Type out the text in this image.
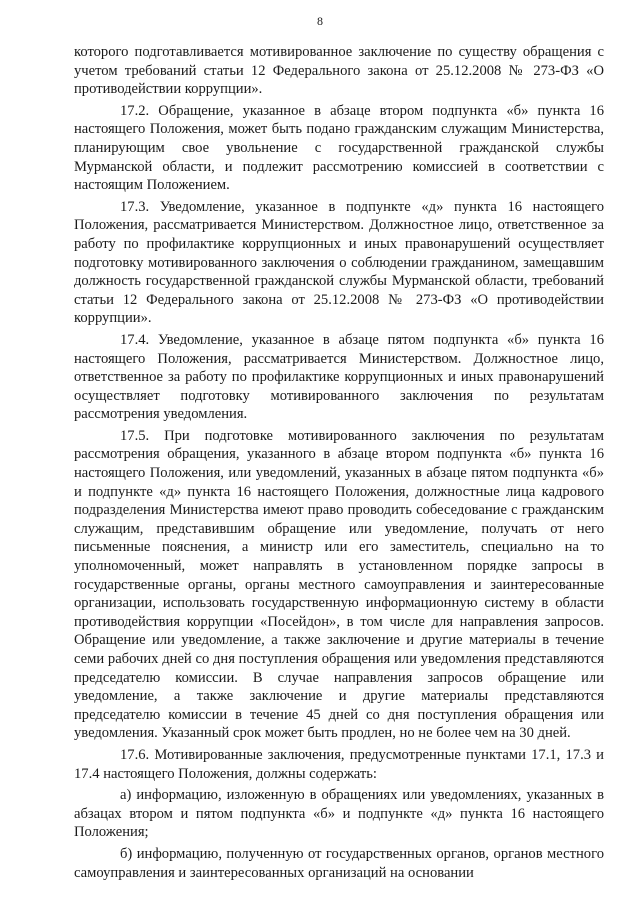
8

которого подготавливается мотивированное заключение по существу обращения с учетом требований статьи 12 Федерального закона от 25.12.2008 № 273-ФЗ «О противодействии коррупции».

17.2. Обращение, указанное в абзаце втором подпункта «б» пункта 16 настоящего Положения, может быть подано гражданским служащим Министерства, планирующим свое увольнение с государственной гражданской службы Мурманской области, и подлежит рассмотрению комиссией в соответствии с настоящим Положением.

17.3. Уведомление, указанное в подпункте «д» пункта 16 настоящего Положения, рассматривается Министерством. Должностное лицо, ответственное за работу по профилактике коррупционных и иных правонарушений осуществляет подготовку мотивированного заключения о соблюдении гражданином, замещавшим должность государственной гражданской службы Мурманской области, требований статьи 12 Федерального закона от 25.12.2008 № 273-ФЗ «О противодействии коррупции».

17.4. Уведомление, указанное в абзаце пятом подпункта «б» пункта 16 настоящего Положения, рассматривается Министерством. Должностное лицо, ответственное за работу по профилактике коррупционных и иных правонарушений осуществляет подготовку мотивированного заключения по результатам рассмотрения уведомления.

17.5. При подготовке мотивированного заключения по результатам рассмотрения обращения, указанного в абзаце втором подпункта «б» пункта 16 настоящего Положения, или уведомлений, указанных в абзаце пятом подпункта «б» и подпункте «д» пункта 16 настоящего Положения, должностные лица кадрового подразделения Министерства имеют право проводить собеседование с гражданским служащим, представившим обращение или уведомление, получать от него письменные пояснения, а министр или его заместитель, специально на то уполномоченный, может направлять в установленном порядке запросы в государственные органы, органы местного самоуправления и заинтересованные организации, использовать государственную информационную систему в области противодействия коррупции «Посейдон», в том числе для направления запросов. Обращение или уведомление, а также заключение и другие материалы в течение семи рабочих дней со дня поступления обращения или уведомления представляются председателю комиссии. В случае направления запросов обращение или уведомление, а также заключение и другие материалы представляются председателю комиссии в течение 45 дней со дня поступления обращения или уведомления. Указанный срок может быть продлен, но не более чем на 30 дней.

17.6. Мотивированные заключения, предусмотренные пунктами 17.1, 17.3 и 17.4 настоящего Положения, должны содержать:

а) информацию, изложенную в обращениях или уведомлениях, указанных в абзацах втором и пятом подпункта «б» и подпункте «д» пункта 16 настоящего Положения;

б) информацию, полученную от государственных органов, органов местного самоуправления и заинтересованных организаций на основании
